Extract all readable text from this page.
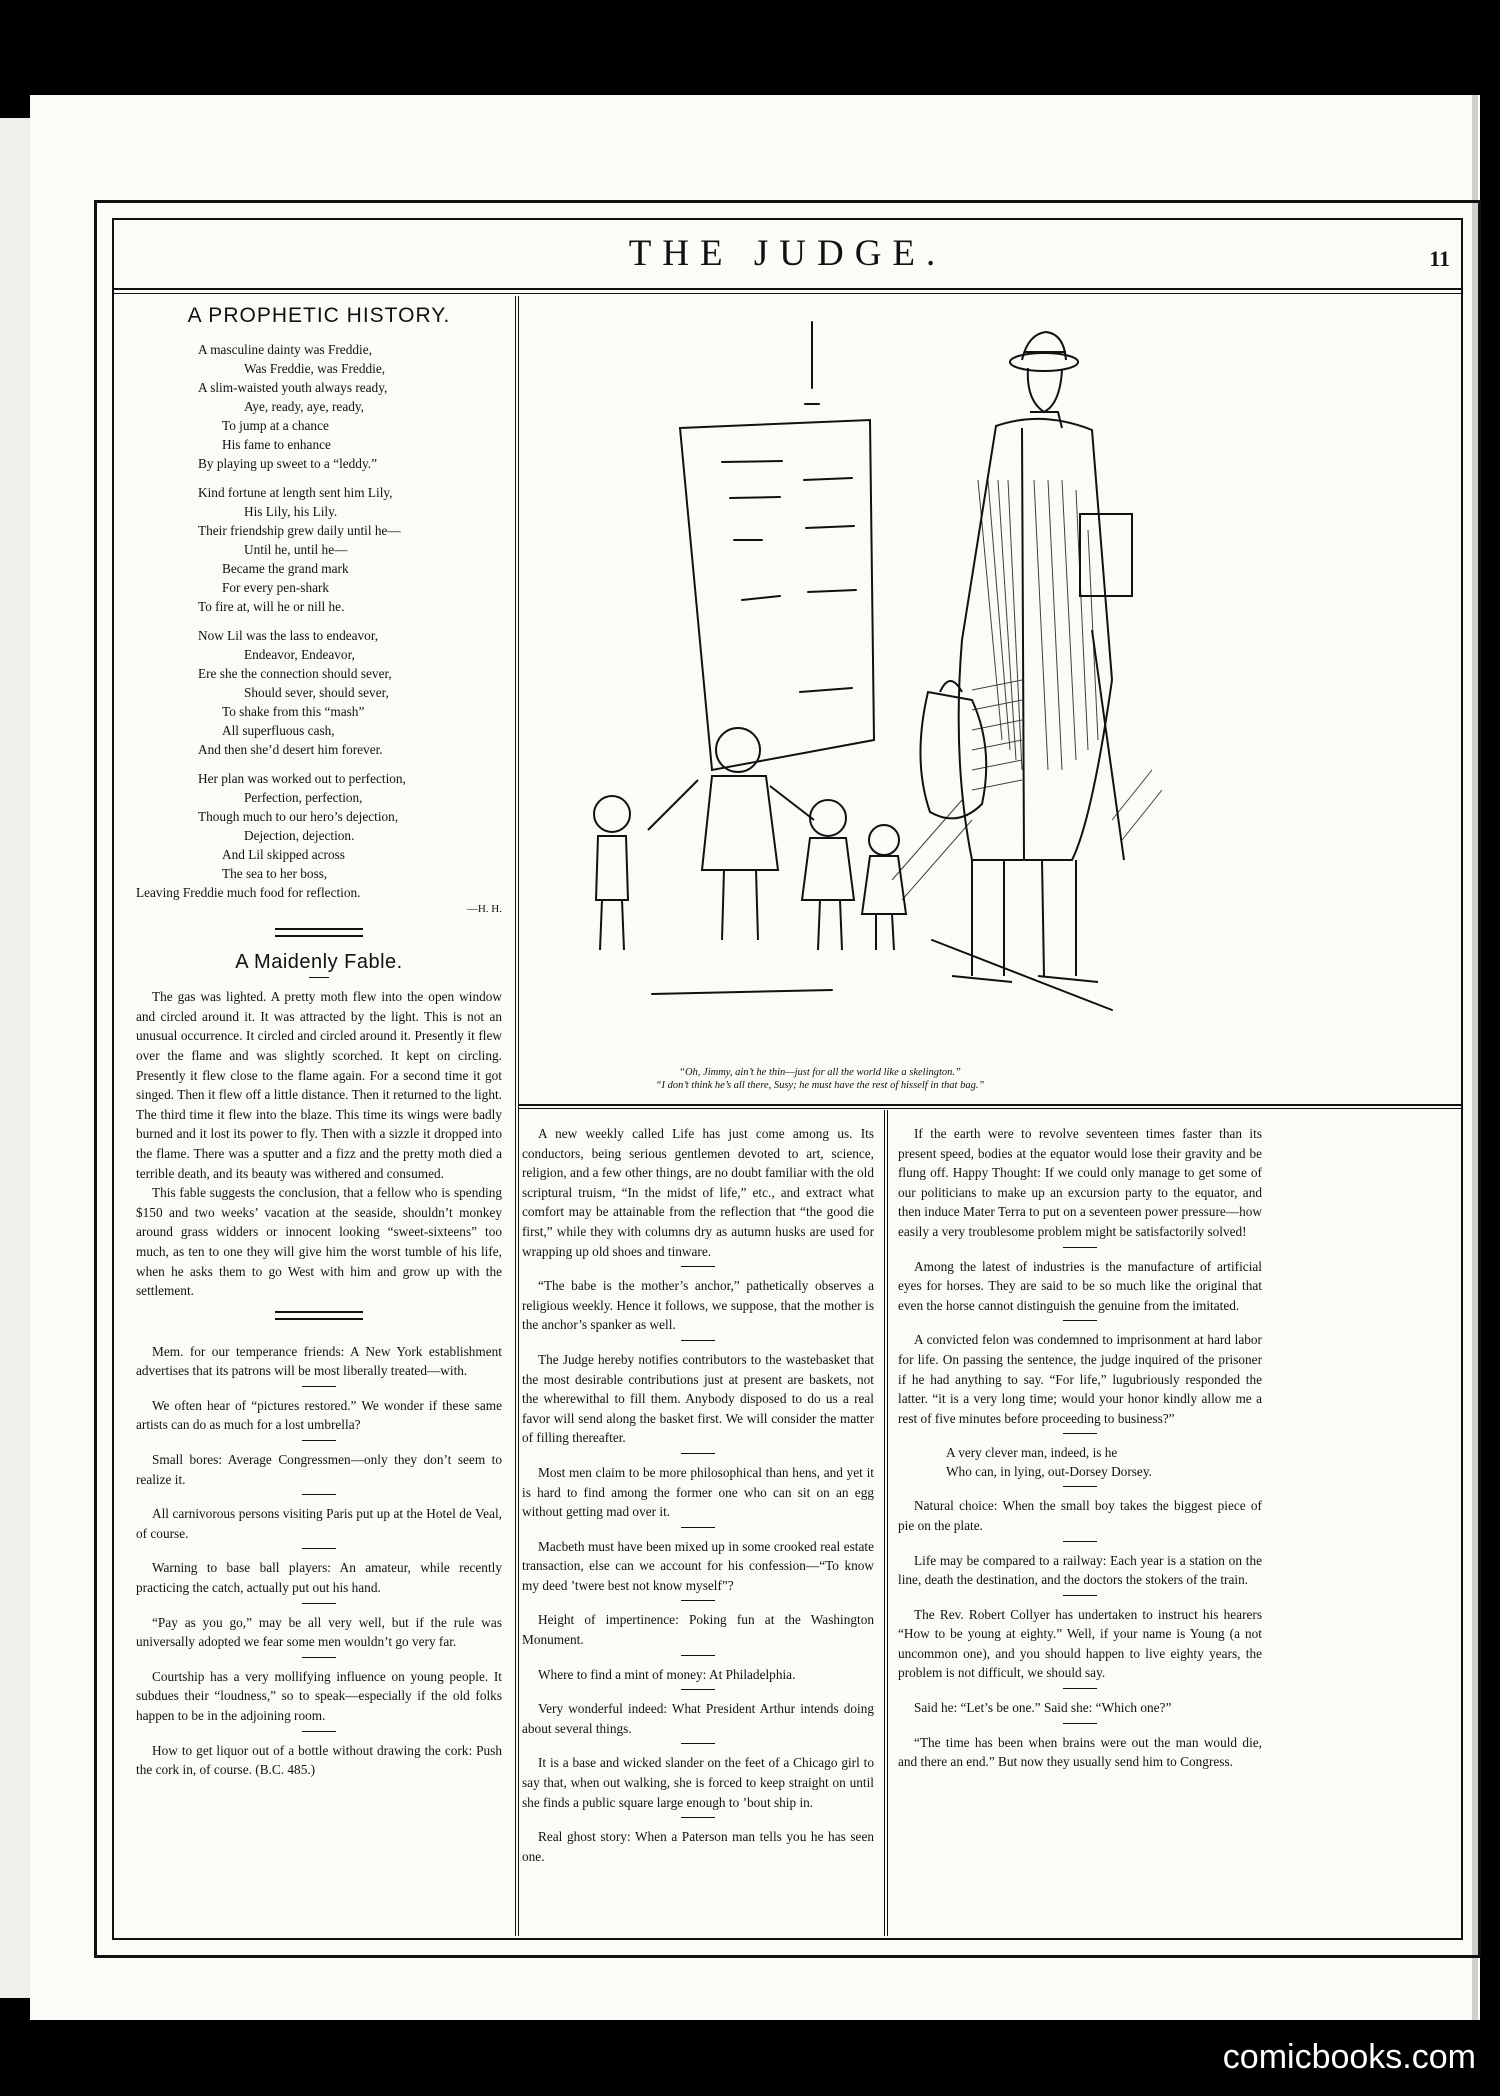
THE JUDGE.	11
A PROPHETIC HISTORY.
A masculine dainty was Freddie,
Was Freddie, was Freddie,
A slim-waisted youth always ready,
Aye, ready, aye, ready,
To jump at a chance
His fame to enhance
By playing up sweet to a “leddy.”
Kind fortune at length sent him Lily,
His Lily, his Lily.
Their friendship grew daily until he—
Until he, until he—
Became the grand mark
For every pen-shark
To fire at, will he or nill he.
Now Lil was the lass to endeavor,
Endeavor, Endeavor,
Ere she the connection should sever,
Should sever, should sever,
To shake from this “mash”
All superfluous cash,
And then she’d desert him forever.
Her plan was worked out to perfection,
Perfection, perfection,
Though much to our hero’s dejection,
Dejection, dejection.
And Lil skipped across
The sea to her boss,
Leaving Freddie much food for reflection.
—H. H.
A Maidenly Fable.

The gas was lighted. A pretty moth flew into the open window and circled around it. It was attracted by the light. This is not an unusual occurrence. It circled and circled around it. Presently it flew over the flame and was slightly scorched. It kept on circling. Presently it flew close to the flame again. For a second time it got singed. Then it flew off a little distance. Then it returned to the light. The third time it flew into the blaze. This time its wings were badly burned and it lost its power to fly. Then with a sizzle it dropped into the flame. There was a sputter and a fizz and the pretty moth died a terrible death, and its beauty was withered and consumed.

This fable suggests the conclusion, that a fellow who is spending $150 and two weeks’ vacation at the seaside, shouldn’t monkey around grass widders or innocent looking “sweet-sixteens” too much, as ten to one they will give him the worst tumble of his life, when he asks them to go West with him and grow up with the settlement.

Mem. for our temperance friends: A New York establishment advertises that its patrons will be most liberally treated—with.

We often hear of “pictures restored.” We wonder if these same artists can do as much for a lost umbrella?

Small bores: Average Congressmen—only they don’t seem to realize it.

All carnivorous persons visiting Paris put up at the Hotel de Veal, of course.

Warning to base ball players: An amateur, while recently practicing the catch, actually put out his hand.

“Pay as you go,” may be all very well, but if the rule was universally adopted we fear some men wouldn’t go very far.

Courtship has a very mollifying influence on young people. It subdues their “loudness,” so to speak—especially if the old folks happen to be in the adjoining room.

How to get liquor out of a bottle without drawing the cork: Push the cork in, of course. (B.C. 485.)

“Oh, Jimmy, ain’t he thin—just for all the world like a skelington.”
“I don’t think he’s all there, Susy; he must have the rest of hisself in that bag.”

A new weekly called Life has just come among us. Its conductors, being serious gentlemen devoted to art, science, religion, and a few other things, are no doubt familiar with the old scriptural truism, “In the midst of life,” etc., and extract what comfort may be attainable from the reflection that “the good die first,” while they with columns dry as autumn husks are used for wrapping up old shoes and tinware.

“The babe is the mother’s anchor,” pathetically observes a religious weekly. Hence it follows, we suppose, that the mother is the anchor’s spanker as well.

The Judge hereby notifies contributors to the wastebasket that the most desirable contributions just at present are baskets, not the wherewithal to fill them. Anybody disposed to do us a real favor will send along the basket first. We will consider the matter of filling thereafter.

Most men claim to be more philosophical than hens, and yet it is hard to find among the former one who can sit on an egg without getting mad over it.

Macbeth must have been mixed up in some crooked real estate transaction, else can we account for his confession—“To know my deed ’twere best not know myself”?

Height of impertinence: Poking fun at the Washington Monument.

Where to find a mint of money: At Philadelphia.

Very wonderful indeed: What President Arthur intends doing about several things.

It is a base and wicked slander on the feet of a Chicago girl to say that, when out walking, she is forced to keep straight on until she finds a public square large enough to ’bout ship in.

Real ghost story: When a Paterson man tells you he has seen one.

If the earth were to revolve seventeen times faster than its present speed, bodies at the equator would lose their gravity and be flung off. Happy Thought: If we could only manage to get some of our politicians to make up an excursion party to the equator, and then induce Mater Terra to put on a seventeen power pressure—how easily a very troublesome problem might be satisfactorily solved!

Among the latest of industries is the manufacture of artificial eyes for horses. They are said to be so much like the original that even the horse cannot distinguish the genuine from the imitated.

A convicted felon was condemned to imprisonment at hard labor for life. On passing the sentence, the judge inquired of the prisoner if he had anything to say. “For life,” lugubriously responded the latter. “it is a very long time; would your honor kindly allow me a rest of five minutes before proceeding to business?”

A very clever man, indeed, is he
Who can, in lying, out-Dorsey Dorsey.

Natural choice: When the small boy takes the biggest piece of pie on the plate.

Life may be compared to a railway: Each year is a station on the line, death the destination, and the doctors the stokers of the train.

The Rev. Robert Collyer has undertaken to instruct his hearers “How to be young at eighty.” Well, if your name is Young (a not uncommon one), and you should happen to live eighty years, the problem is not difficult, we should say.

Said he: “Let’s be one.” Said she: “Which one?”

“The time has been when brains were out the man would die, and there an end.” But now they usually send him to Congress.

comicbooks.com
